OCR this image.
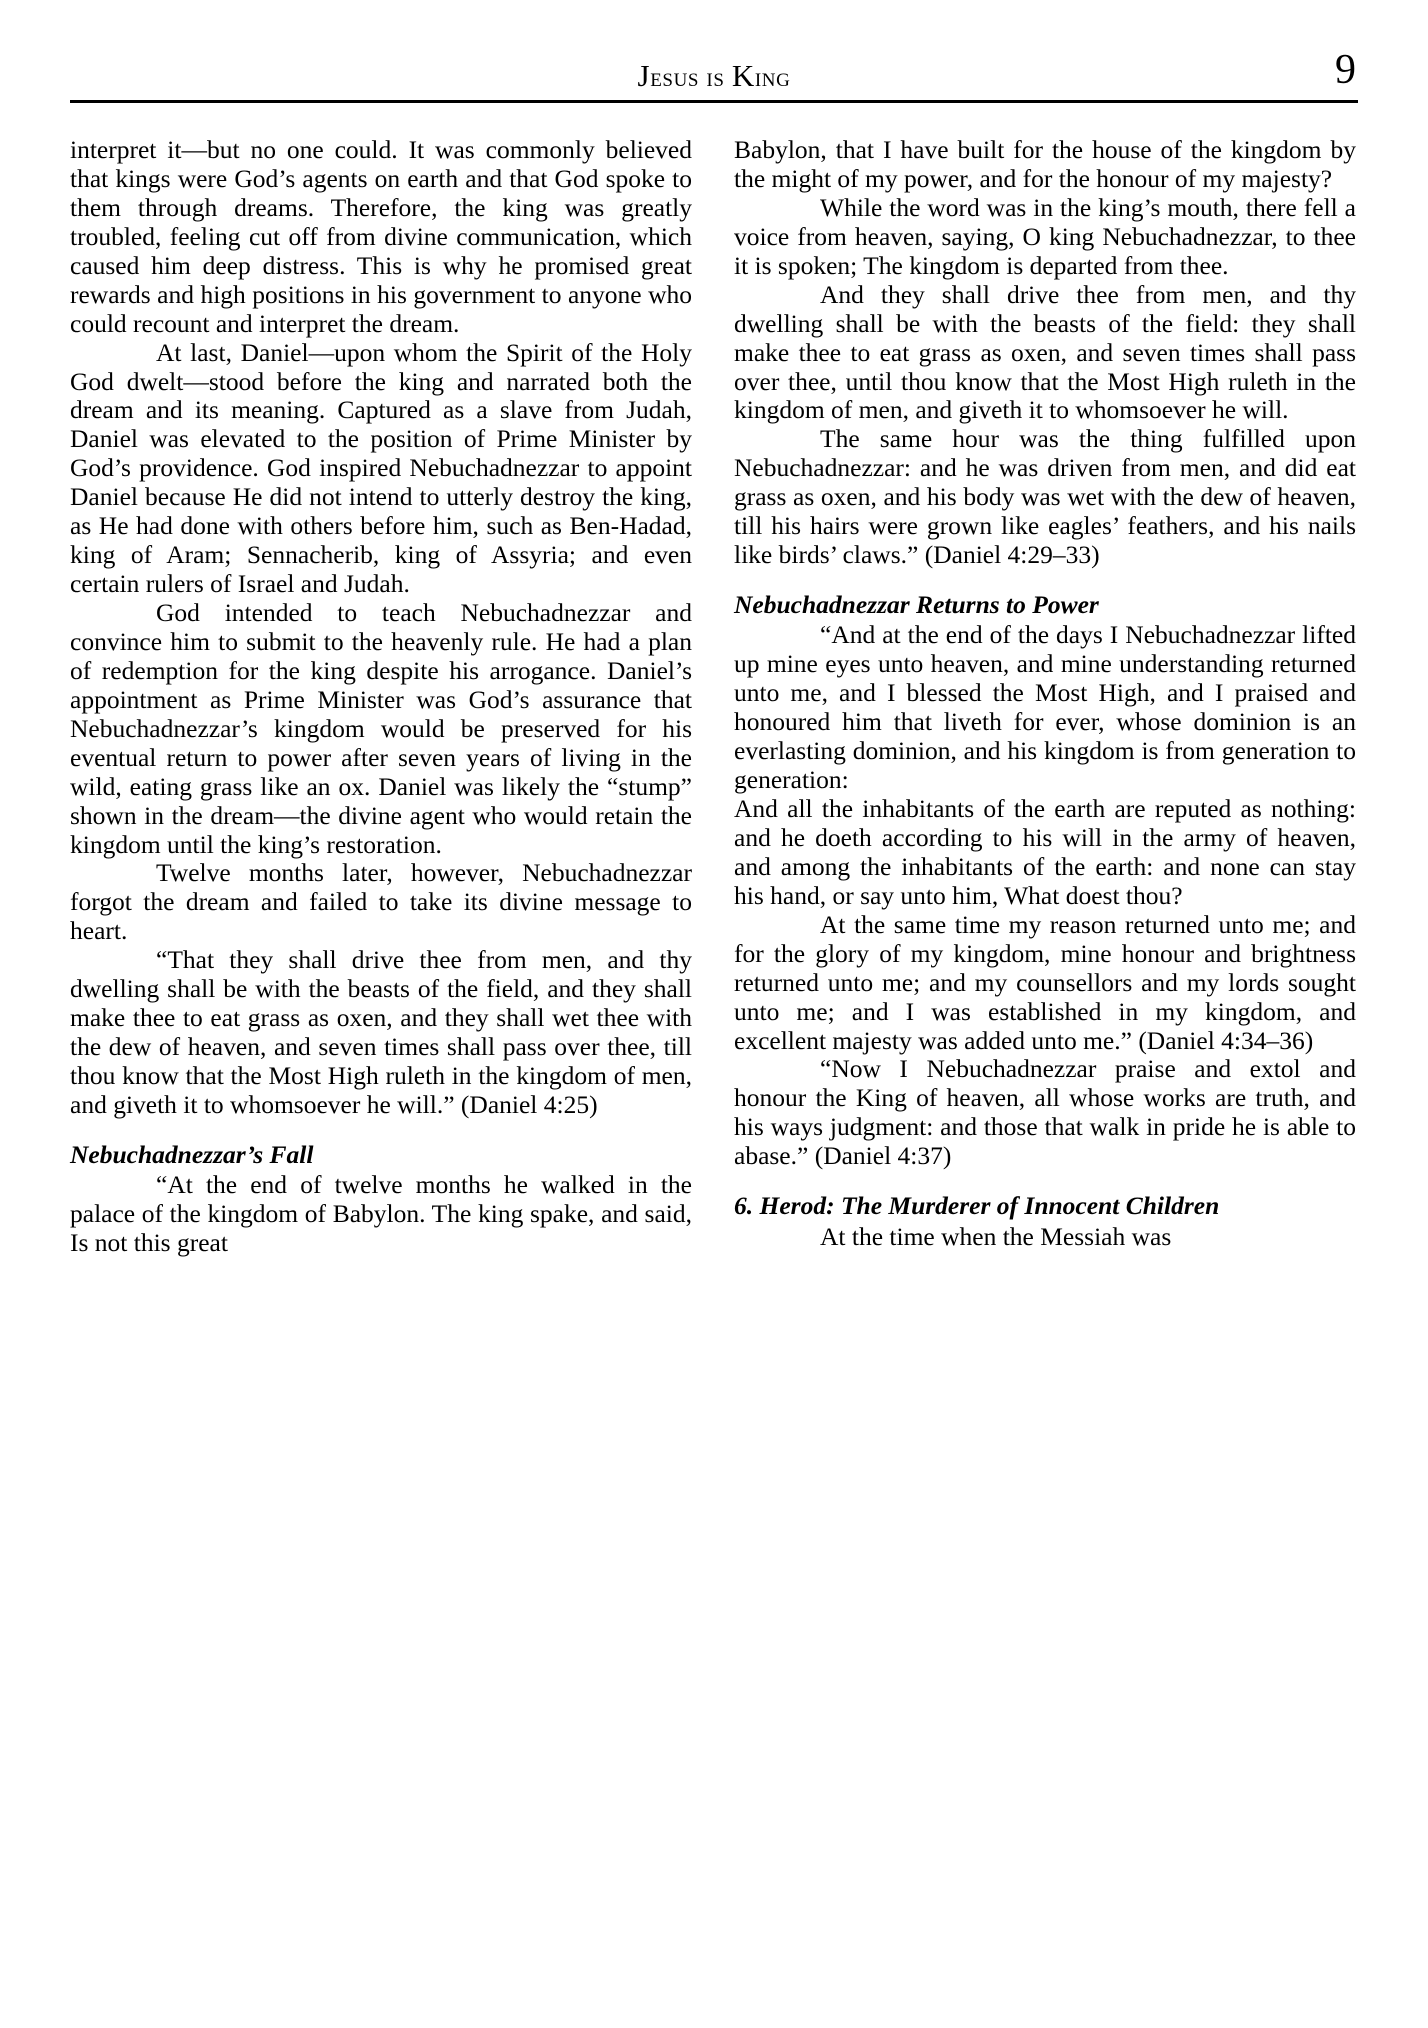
Jesus is King	9

interpret it—but no one could. It was commonly believed that kings were God’s agents on earth and that God spoke to them through dreams. Therefore, the king was greatly troubled, feeling cut off from divine communication, which caused him deep distress. This is why he promised great rewards and high positions in his government to anyone who could recount and interpret the dream.

At last, Daniel—upon whom the Spirit of the Holy God dwelt—stood before the king and narrated both the dream and its meaning. Captured as a slave from Judah, Daniel was elevated to the position of Prime Minister by God’s providence. God inspired Nebuchadnezzar to appoint Daniel because He did not intend to utterly destroy the king, as He had done with others before him, such as Ben-Hadad, king of Aram; Sennacherib, king of Assyria; and even certain rulers of Israel and Judah.

God intended to teach Nebuchadnezzar and convince him to submit to the heavenly rule. He had a plan of redemption for the king despite his arrogance. Daniel’s appointment as Prime Minister was God’s assurance that Nebuchadnezzar’s kingdom would be preserved for his eventual return to power after seven years of living in the wild, eating grass like an ox. Daniel was likely the “stump” shown in the dream—the divine agent who would retain the kingdom until the king’s restoration.

Twelve months later, however, Nebuchadnezzar forgot the dream and failed to take its divine message to heart.

“That they shall drive thee from men, and thy dwelling shall be with the beasts of the field, and they shall make thee to eat grass as oxen, and they shall wet thee with the dew of heaven, and seven times shall pass over thee, till thou know that the Most High ruleth in the kingdom of men, and giveth it to whomsoever he will.” (Daniel 4:25)

Nebuchadnezzar’s Fall

“At the end of twelve months he walked in the palace of the kingdom of Babylon. The king spake, and said, Is not this great

Babylon, that I have built for the house of the kingdom by the might of my power, and for the honour of my majesty?

While the word was in the king’s mouth, there fell a voice from heaven, saying, O king Nebuchadnezzar, to thee it is spoken; The kingdom is departed from thee.

And they shall drive thee from men, and thy dwelling shall be with the beasts of the field: they shall make thee to eat grass as oxen, and seven times shall pass over thee, until thou know that the Most High ruleth in the kingdom of men, and giveth it to whomsoever he will.

The same hour was the thing fulfilled upon Nebuchadnezzar: and he was driven from men, and did eat grass as oxen, and his body was wet with the dew of heaven, till his hairs were grown like eagles’ feathers, and his nails like birds’ claws.” (Daniel 4:29–33)

Nebuchadnezzar Returns to Power

“And at the end of the days I Nebuchadnezzar lifted up mine eyes unto heaven, and mine understanding returned unto me, and I blessed the Most High, and I praised and honoured him that liveth for ever, whose dominion is an everlasting dominion, and his kingdom is from generation to generation:

And all the inhabitants of the earth are reputed as nothing: and he doeth according to his will in the army of heaven, and among the inhabitants of the earth: and none can stay his hand, or say unto him, What doest thou?

At the same time my reason returned unto me; and for the glory of my kingdom, mine honour and brightness returned unto me; and my counsellors and my lords sought unto me; and I was established in my kingdom, and excellent majesty was added unto me.” (Daniel 4:34–36)

“Now I Nebuchadnezzar praise and extol and honour the King of heaven, all whose works are truth, and his ways judgment: and those that walk in pride he is able to abase.” (Daniel 4:37)

6. Herod: The Murderer of Innocent Children

At the time when the Messiah was
